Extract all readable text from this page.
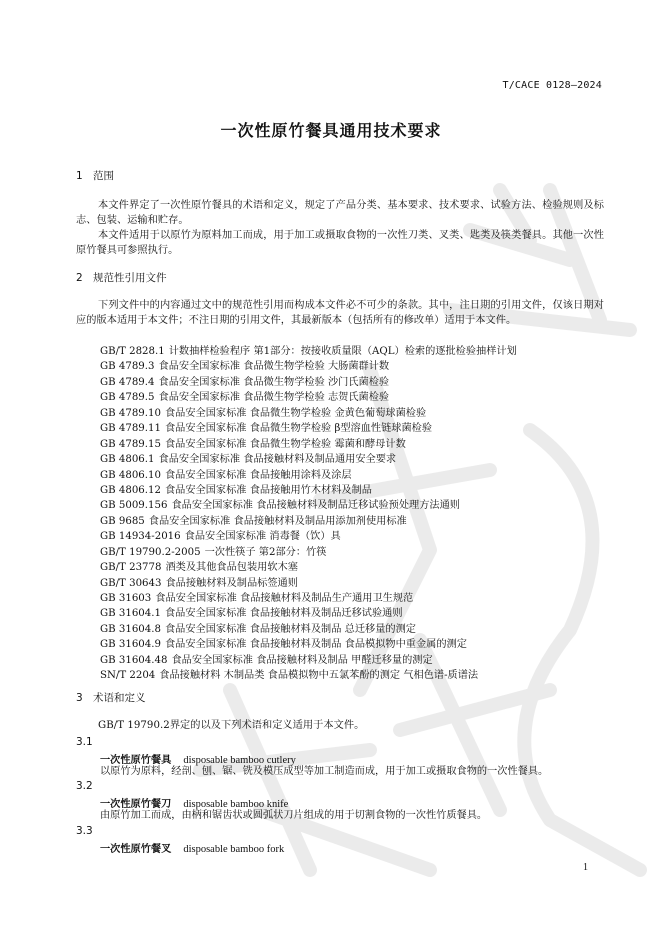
T/CACE 0128—2024
一次性原竹餐具通用技术要求
1 范围

本文件界定了一次性原竹餐具的术语和定义，规定了产品分类、基本要求、技术要求、试验方法、检验规则及标志、包装、运输和贮存。

本文件适用于以原竹为原料加工而成，用于加工或摄取食物的一次性刀类、叉类、匙类及筷类餐具。其他一次性原竹餐具可参照执行。

2 规范性引用文件

下列文件中的内容通过文中的规范性引用而构成本文件必不可少的条款。其中，注日期的引用文件，仅该日期对应的版本适用于本文件；不注日期的引用文件，其最新版本（包括所有的修改单）适用于本文件。

GB/T 2828.1 计数抽样检验程序 第1部分：按接收质量限（AQL）检索的逐批检验抽样计划
GB 4789.3 食品安全国家标准 食品微生物学检验 大肠菌群计数
GB 4789.4 食品安全国家标准 食品微生物学检验 沙门氏菌检验
GB 4789.5 食品安全国家标准 食品微生物学检验 志贺氏菌检验
GB 4789.10 食品安全国家标准 食品微生物学检验 金黄色葡萄球菌检验
GB 4789.11 食品安全国家标准 食品微生物学检验 β型溶血性链球菌检验
GB 4789.15 食品安全国家标准 食品微生物学检验 霉菌和酵母计数
GB 4806.1 食品安全国家标准 食品接触材料及制品通用安全要求
GB 4806.10 食品安全国家标准 食品接触用涂料及涂层
GB 4806.12 食品安全国家标准 食品接触用竹木材料及制品
GB 5009.156 食品安全国家标准 食品接触材料及制品迁移试验预处理方法通则
GB 9685 食品安全国家标准 食品接触材料及制品用添加剂使用标准
GB 14934-2016 食品安全国家标准 消毒餐（饮）具
GB/T 19790.2-2005 一次性筷子 第2部分：竹筷
GB/T 23778 酒类及其他食品包装用软木塞
GB/T 30643 食品接触材料及制品标签通则
GB 31603 食品安全国家标准 食品接触材料及制品生产通用卫生规范
GB 31604.1 食品安全国家标准 食品接触材料及制品迁移试验通则
GB 31604.8 食品安全国家标准 食品接触材料及制品 总迁移量的测定
GB 31604.9 食品安全国家标准 食品接触材料及制品 食品模拟物中重金属的测定
GB 31604.48 食品安全国家标准 食品接触材料及制品 甲醛迁移量的测定
SN/T 2204 食品接触材料 木制品类 食品模拟物中五氯苯酚的测定 气相色谱-质谱法
3 术语和定义

GB/T 19790.2界定的以及下列术语和定义适用于本文件。

3.1
一次性原竹餐具 disposable bamboo cutlery

以原竹为原料，经剖、刨、锯、铣及模压成型等加工制造而成，用于加工或摄取食物的一次性餐具。

3.2
一次性原竹餐刀 disposable bamboo knife

由原竹加工而成，由柄和锯齿状或圆弧状刀片组成的用于切割食物的一次性竹质餐具。

3.3
一次性原竹餐叉 disposable bamboo fork
1
